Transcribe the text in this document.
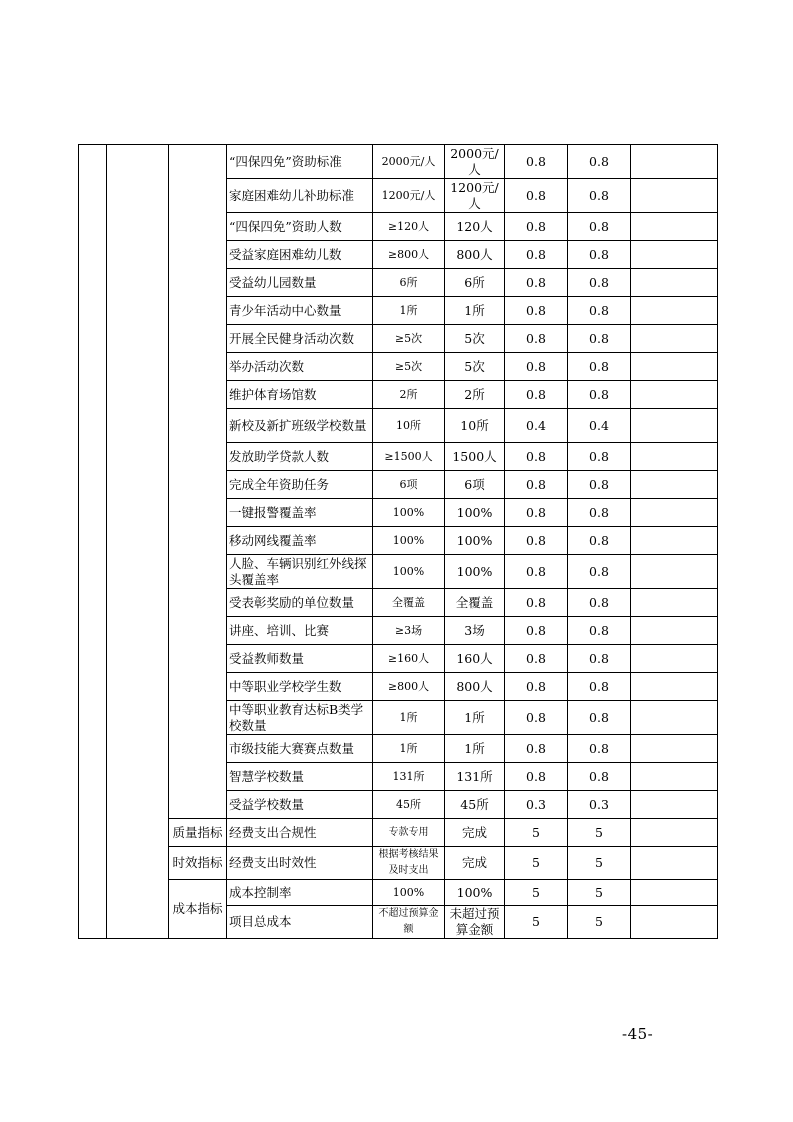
			“四保四免”资助标准	2000元/人	2000元/人	0.8	0.8	
			家庭困难幼儿补助标准	1200元/人	1200元/人	0.8	0.8	
			“四保四免”资助人数	≥120人	120人	0.8	0.8	
			受益家庭困难幼儿数	≥800人	800人	0.8	0.8	
			受益幼儿园数量	6所	6所	0.8	0.8	
			青少年活动中心数量	1所	1所	0.8	0.8	
			开展全民健身活动次数	≥5次	5次	0.8	0.8	
			举办活动次数	≥5次	5次	0.8	0.8	
			维护体育场馆数	2所	2所	0.8	0.8	
			新校及新扩班级学校数量	10所	10所	0.4	0.4	
			发放助学贷款人数	≥1500人	1500人	0.8	0.8	
			完成全年资助任务	6项	6项	0.8	0.8	
			一键报警覆盖率	100%	100%	0.8	0.8	
			移动网线覆盖率	100%	100%	0.8	0.8	
			人脸、车辆识别红外线探头覆盖率	100%	100%	0.8	0.8	
			受表彰奖励的单位数量	全覆盖	全覆盖	0.8	0.8	
			讲座、培训、比赛	≥3场	3场	0.8	0.8	
			受益教师数量	≥160人	160人	0.8	0.8	
			中等职业学校学生数	≥800人	800人	0.8	0.8	
			中等职业教育达标B类学校数量	1所	1所	0.8	0.8	
			市级技能大赛赛点数量	1所	1所	0.8	0.8	
			智慧学校数量	131所	131所	0.8	0.8	
			受益学校数量	45所	45所	0.3	0.3	
		质量指标	经费支出合规性	专款专用	完成	5	5	
		时效指标	经费支出时效性	根据考核结果及时支出	完成	5	5	
		成本指标	成本控制率	100%	100%	5	5	
			项目总成本	不超过预算金额	未超过预算金额	5	5	
-45-
